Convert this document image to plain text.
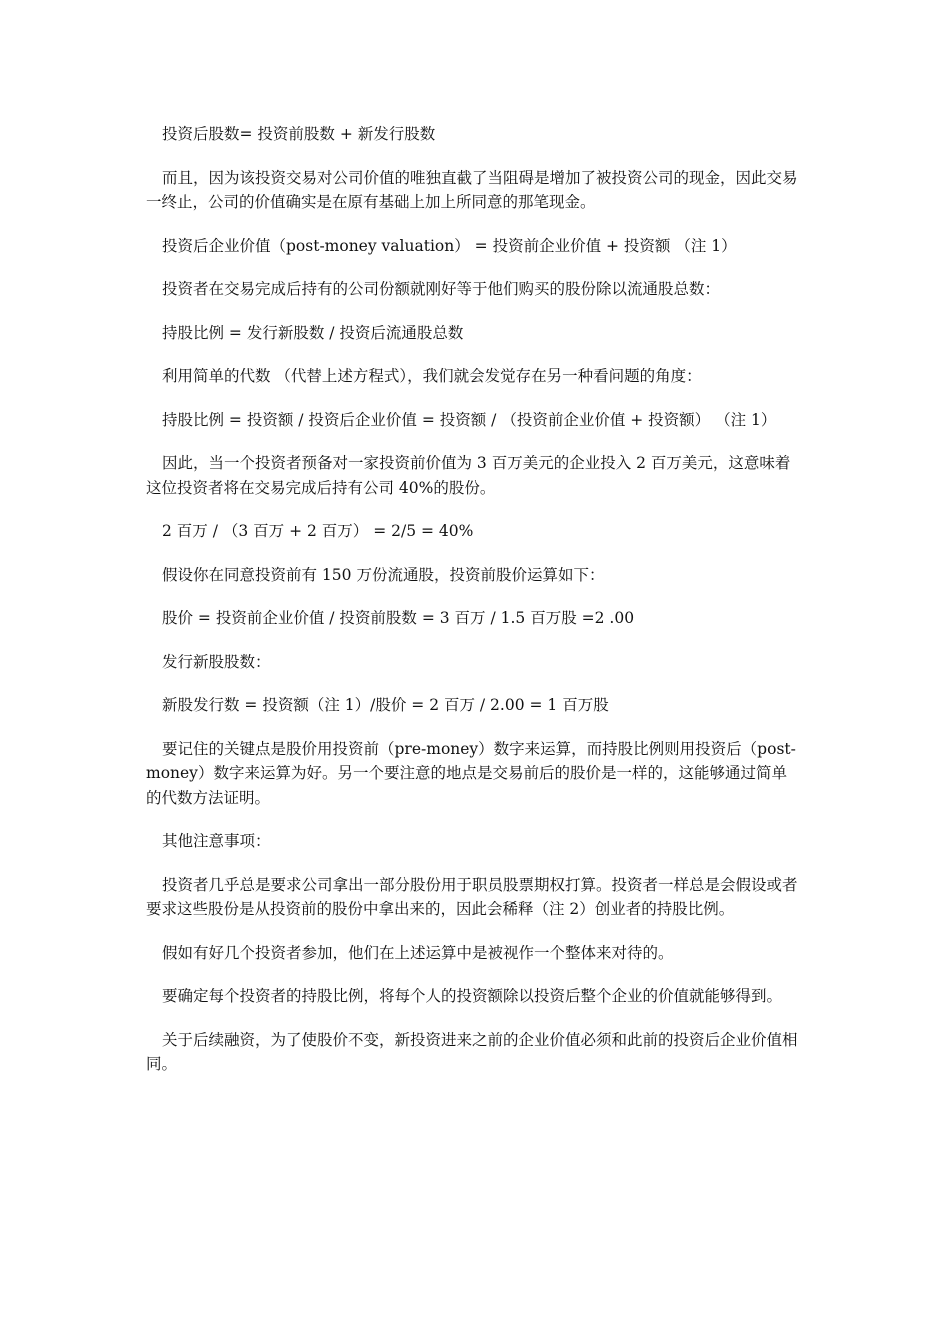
投资后股数= 投资前股数 + 新发行股数

而且，因为该投资交易对公司价值的唯独直截了当阻碍是增加了被投资公司的现金，因此交易一终止，公司的价值确实是在原有基础上加上所同意的那笔现金。

投资后企业价值（post-money valuation） = 投资前企业价值 + 投资额 （注 1）

投资者在交易完成后持有的公司份额就刚好等于他们购买的股份除以流通股总数：

持股比例 = 发行新股数 / 投资后流通股总数

利用简单的代数 （代替上述方程式），我们就会发觉存在另一种看问题的角度：

持股比例 = 投资额 / 投资后企业价值 = 投资额 / （投资前企业价值 + 投资额） （注 1）

因此，当一个投资者预备对一家投资前价值为 3 百万美元的企业投入 2 百万美元，这意味着这位投资者将在交易完成后持有公司 40%的股份。

2 百万 / （3 百万 + 2 百万） = 2/5 = 40%

假设你在同意投资前有 150 万份流通股，投资前股价运算如下：

股价 = 投资前企业价值 / 投资前股数 = 3 百万 / 1.5 百万股 =2 .00

发行新股股数：

新股发行数 = 投资额（注 1）/股价 = 2 百万 / 2.00 = 1 百万股

要记住的关键点是股价用投资前（pre-money）数字来运算，而持股比例则用投资后（post-money）数字来运算为好。另一个要注意的地点是交易前后的股价是一样的，这能够通过简单的代数方法证明。

其他注意事项：

投资者几乎总是要求公司拿出一部分股份用于职员股票期权打算。投资者一样总是会假设或者要求这些股份是从投资前的股份中拿出来的，因此会稀释（注 2）创业者的持股比例。

假如有好几个投资者参加，他们在上述运算中是被视作一个整体来对待的。

要确定每个投资者的持股比例，将每个人的投资额除以投资后整个企业的价值就能够得到。

关于后续融资，为了使股价不变，新投资进来之前的企业价值必须和此前的投资后企业价值相同。
